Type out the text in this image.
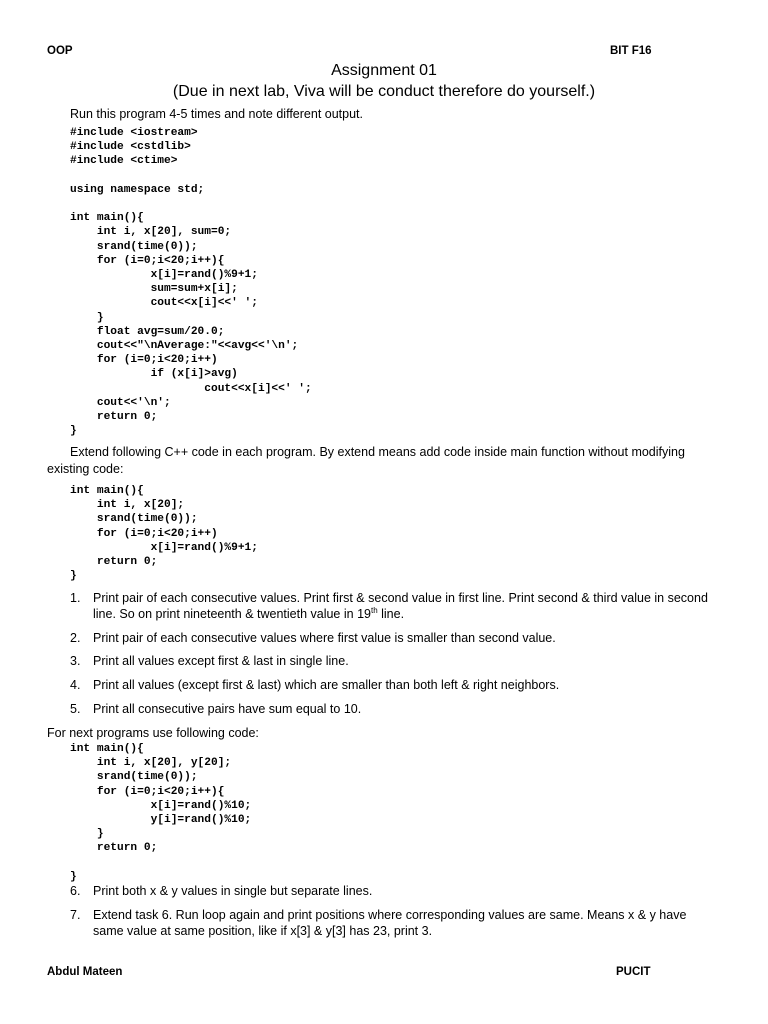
OOP	BIT F16
Assignment 01
(Due in next lab, Viva will be conduct therefore do yourself.)
Run this program 4-5 times and note different output.
#include <iostream>
#include <cstdlib>
#include <ctime>

using namespace std;

int main(){
int i, x[20], sum=0;
srand(time(0));
for (i=0;i<20;i++){
x[i]=rand()%9+1;
sum=sum+x[i];
cout<<x[i]<<' ';
}
float avg=sum/20.0;
cout<<"\nAverage:"<<avg<<'\n';
for (i=0;i<20;i++)
if (x[i]>avg)
cout<<x[i]<<' ';
cout<<'\n';
return 0;
}
Extend following C++ code in each program. By extend means add code inside main function without modifying existing code:
int main(){
int i, x[20];
srand(time(0));
for (i=0;i<20;i++)
x[i]=rand()%9+1;
return 0;
}
1. Print pair of each consecutive values. Print first & second value in first line. Print second & third value in second line. So on print nineteenth & twentieth value in 19th line.
2. Print pair of each consecutive values where first value is smaller than second value.
3. Print all values except first & last in single line.
4. Print all values (except first & last) which are smaller than both left & right neighbors.
5. Print all consecutive pairs have sum equal to 10.
For next programs use following code:
int main(){
int i, x[20], y[20];
srand(time(0));
for (i=0;i<20;i++){
x[i]=rand()%10;
y[i]=rand()%10;
}
return 0;

}
6. Print both x & y values in single but separate lines.
7. Extend task 6. Run loop again and print positions where corresponding values are same. Means x & y have same value at same position, like if x[3] & y[3] has 23, print 3.
Abdul Mateen	PUCIT
